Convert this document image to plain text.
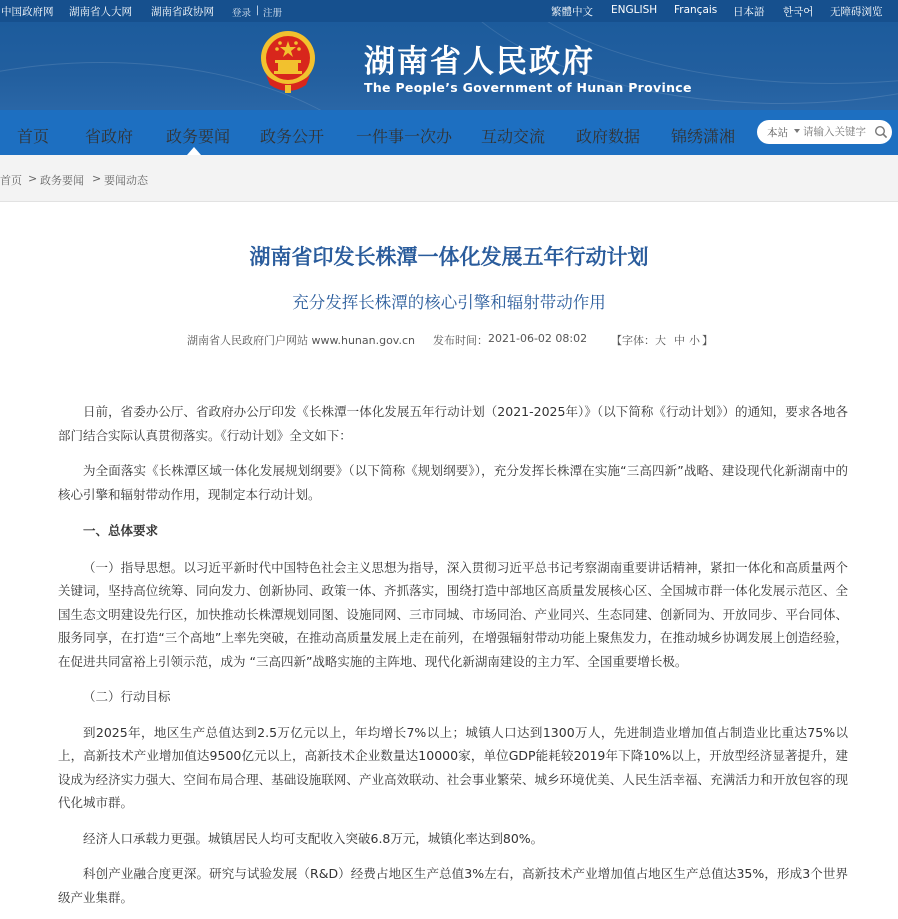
中国政府网 湖南省人大网 湖南省政协网 登录 | 注册	繁體中文 ENGLISH Français 日本語 한국어 无障碍浏览
湖南省人民政府
The People’s Government of Hunan Province
首页 省政府 政务要闻 政务公开 一件事一次办 互动交流 政府数据 锦绣潇湘	本站
请输入关键字
首页 > 政务要闻 > 要闻动态
湖南省印发长株潭一体化发展五年行动计划
充分发挥长株潭的核心引擎和辐射带动作用
湖南省人民政府门户网站 www.hunan.gov.cn 发布时间： 2021-06-02 08:02 【字体： 大 中 小 】

日前，省委办公厅、省政府办公厅印发《长株潭一体化发展五年行动计划（2021-2025年）》（以下简称《行动计划》）的通知，要求各地各部门结合实际认真贯彻落实。《行动计划》全文如下：

为全面落实《长株潭区域一体化发展规划纲要》（以下简称《规划纲要》），充分发挥长株潭在实施“三高四新”战略、建设现代化新湖南中的核心引擎和辐射带动作用，现制定本行动计划。

一、总体要求

（一）指导思想。以习近平新时代中国特色社会主义思想为指导，深入贯彻习近平总书记考察湖南重要讲话精神，紧扣一体化和高质量两个关键词，坚持高位统筹、同向发力、创新协同、政策一体、齐抓落实，围绕打造中部地区高质量发展核心区、全国城市群一体化发展示范区、全国生态文明建设先行区，加快推动长株潭规划同图、设施同网、三市同城、市场同治、产业同兴、生态同建、创新同为、开放同步、平台同体、服务同享，在打造“三个高地”上率先突破，在推动高质量发展上走在前列，在增强辐射带动功能上聚焦发力，在推动城乡协调发展上创造经验，在促进共同富裕上引领示范，成为 “三高四新”战略实施的主阵地、现代化新湖南建设的主力军、全国重要增长极。

（二）行动目标

到2025年，地区生产总值达到2.5万亿元以上，年均增长7%以上；城镇人口达到1300万人，先进制造业增加值占制造业比重达75%以上，高新技术产业增加值达9500亿元以上，高新技术企业数量达10000家，单位GDP能耗较2019年下降10%以上，开放型经济显著提升，建设成为经济实力强大、空间布局合理、基础设施联网、产业高效联动、社会事业繁荣、城乡环境优美、人民生活幸福、充满活力和开放包容的现代化城市群。

经济人口承载力更强。城镇居民人均可支配收入突破6.8万元，城镇化率达到80%。

科创产业融合度更深。研究与试验发展（R&D）经费占地区生产总值3%左右，高新技术产业增加值占地区生产总值达35%，形成3个世界级产业集群。
